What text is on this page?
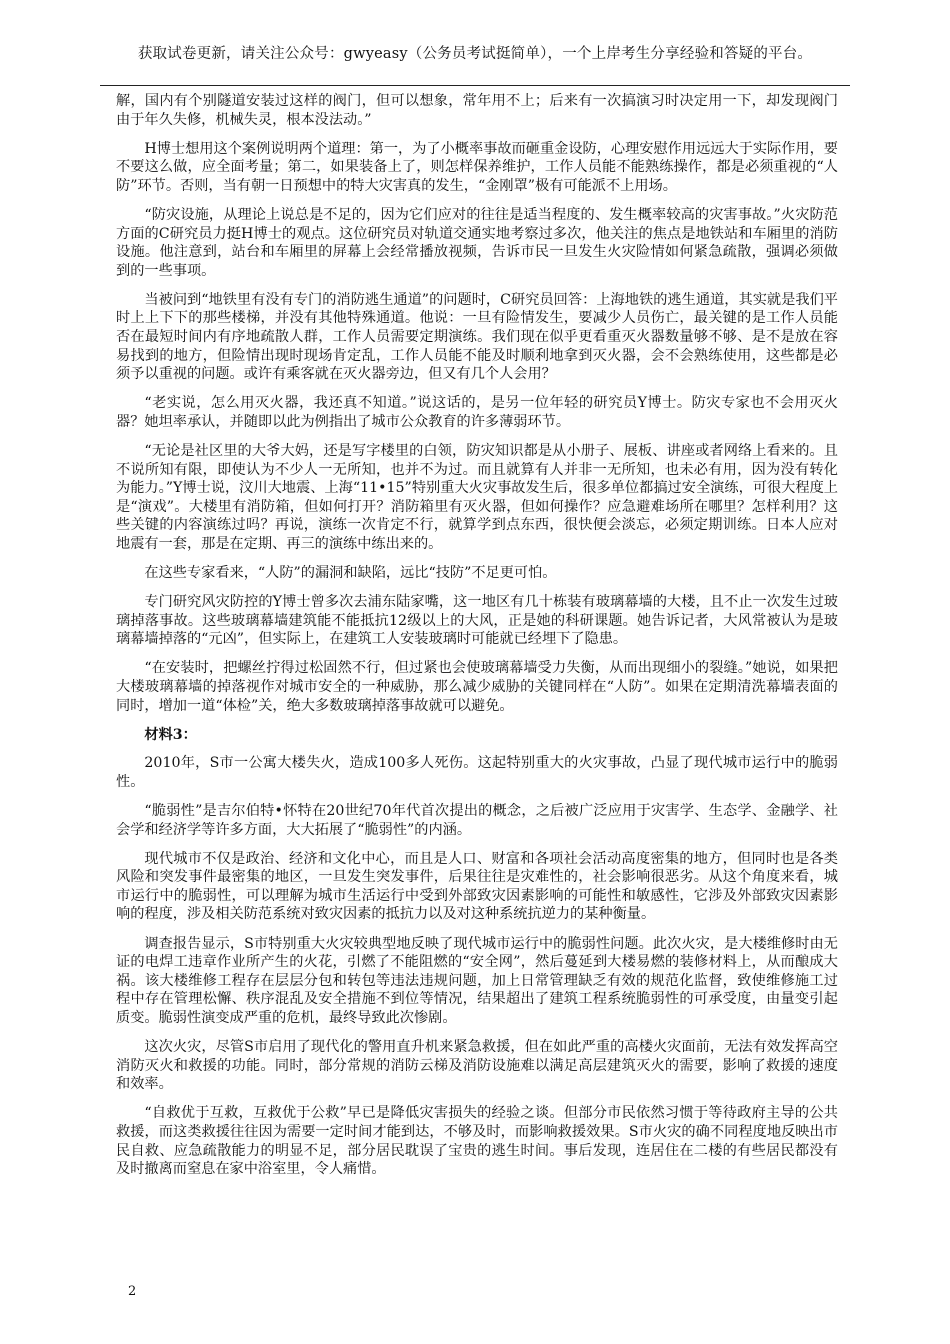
获取试卷更新，请关注公众号：gwyeasy（公务员考试挺简单），一个上岸考生分享经验和答疑的平台。

解，国内有个别隧道安装过这样的阀门，但可以想象，常年用不上；后来有一次搞演习时决定用一下，却发现阀门由于年久失修，机械失灵，根本没法动。”

H博士想用这个案例说明两个道理：第一，为了小概率事故而砸重金设防，心理安慰作用远远大于实际作用，要不要这么做，应全面考量；第二，如果装备上了，则怎样保养维护，工作人员能不能熟练操作，都是必须重视的“人防”环节。否则，当有朝一日预想中的特大灾害真的发生，“金刚罩”极有可能派不上用场。

“防灾设施，从理论上说总是不足的，因为它们应对的往往是适当程度的、发生概率较高的灾害事故。”火灾防范方面的C研究员力挺H博士的观点。这位研究员对轨道交通实地考察过多次，他关注的焦点是地铁站和车厢里的消防设施。他注意到，站台和车厢里的屏幕上会经常播放视频，告诉市民一旦发生火灾险情如何紧急疏散，强调必须做到的一些事项。

当被问到“地铁里有没有专门的消防逃生通道”的问题时，C研究员回答：上海地铁的逃生通道，其实就是我们平时上上下下的那些楼梯，并没有其他特殊通道。他说：一旦有险情发生，要减少人员伤亡，最关键的是工作人员能否在最短时间内有序地疏散人群，工作人员需要定期演练。我们现在似乎更看重灭火器数量够不够、是不是放在容易找到的地方，但险情出现时现场肯定乱，工作人员能不能及时顺利地拿到灭火器，会不会熟练使用，这些都是必须予以重视的问题。或许有乘客就在灭火器旁边，但又有几个人会用？

“老实说，怎么用灭火器，我还真不知道。”说这话的，是另一位年轻的研究员Y博士。防灾专家也不会用灭火器？她坦率承认，并随即以此为例指出了城市公众教育的许多薄弱环节。

“无论是社区里的大爷大妈，还是写字楼里的白领，防灾知识都是从小册子、展板、讲座或者网络上看来的。且不说所知有限，即使认为不少人一无所知，也并不为过。而且就算有人并非一无所知，也未必有用，因为没有转化为能力。”Y博士说，汶川大地震、上海“11•15”特别重大火灾事故发生后，很多单位都搞过安全演练，可很大程度上是“演戏”。大楼里有消防箱，但如何打开？消防箱里有灭火器，但如何操作？应急避难场所在哪里？怎样利用？这些关键的内容演练过吗？再说，演练一次肯定不行，就算学到点东西，很快便会淡忘，必须定期训练。日本人应对地震有一套，那是在定期、再三的演练中练出来的。

在这些专家看来，“人防”的漏洞和缺陷，远比“技防”不足更可怕。

专门研究风灾防控的Y博士曾多次去浦东陆家嘴，这一地区有几十栋装有玻璃幕墙的大楼，且不止一次发生过玻璃掉落事故。这些玻璃幕墙建筑能不能抵抗12级以上的大风，正是她的科研课题。她告诉记者，大风常被认为是玻璃幕墙掉落的“元凶”，但实际上，在建筑工人安装玻璃时可能就已经埋下了隐患。

“在安装时，把螺丝拧得过松固然不行，但过紧也会使玻璃幕墙受力失衡，从而出现细小的裂缝。”她说，如果把大楼玻璃幕墙的掉落视作对城市安全的一种威胁，那么减少威胁的关键同样在“人防”。如果在定期清洗幕墙表面的同时，增加一道“体检”关，绝大多数玻璃掉落事故就可以避免。

材料3：

2010年，S市一公寓大楼失火，造成100多人死伤。这起特别重大的火灾事故，凸显了现代城市运行中的脆弱性。

“脆弱性”是吉尔伯特•怀特在20世纪70年代首次提出的概念，之后被广泛应用于灾害学、生态学、金融学、社会学和经济学等许多方面，大大拓展了“脆弱性”的内涵。

现代城市不仅是政治、经济和文化中心，而且是人口、财富和各项社会活动高度密集的地方，但同时也是各类风险和突发事件最密集的地区，一旦发生突发事件，后果往往是灾难性的，社会影响很恶劣。从这个角度来看，城市运行中的脆弱性，可以理解为城市生活运行中受到外部致灾因素影响的可能性和敏感性，它涉及外部致灾因素影响的程度，涉及相关防范系统对致灾因素的抵抗力以及对这种系统抗逆力的某种衡量。

调查报告显示，S市特别重大火灾较典型地反映了现代城市运行中的脆弱性问题。此次火灾，是大楼维修时由无证的电焊工违章作业所产生的火花，引燃了不能阻燃的“安全网”，然后蔓延到大楼易燃的装修材料上，从而酿成大祸。该大楼维修工程存在层层分包和转包等违法违规问题，加上日常管理缺乏有效的规范化监督，致使维修施工过程中存在管理松懈、秩序混乱及安全措施不到位等情况，结果超出了建筑工程系统脆弱性的可承受度，由量变引起质变。脆弱性演变成严重的危机，最终导致此次惨剧。

这次火灾，尽管S市启用了现代化的警用直升机来紧急救援，但在如此严重的高楼火灾面前，无法有效发挥高空消防灭火和救援的功能。同时，部分常规的消防云梯及消防设施难以满足高层建筑灭火的需要，影响了救援的速度和效率。

“自救优于互救，互救优于公救”早已是降低灾害损失的经验之谈。但部分市民依然习惯于等待政府主导的公共救援，而这类救援往往因为需要一定时间才能到达，不够及时，而影响救援效果。S市火灾的确不同程度地反映出市民自救、应急疏散能力的明显不足，部分居民耽误了宝贵的逃生时间。事后发现，连居住在二楼的有些居民都没有及时撤离而窒息在家中浴室里，令人痛惜。

2
